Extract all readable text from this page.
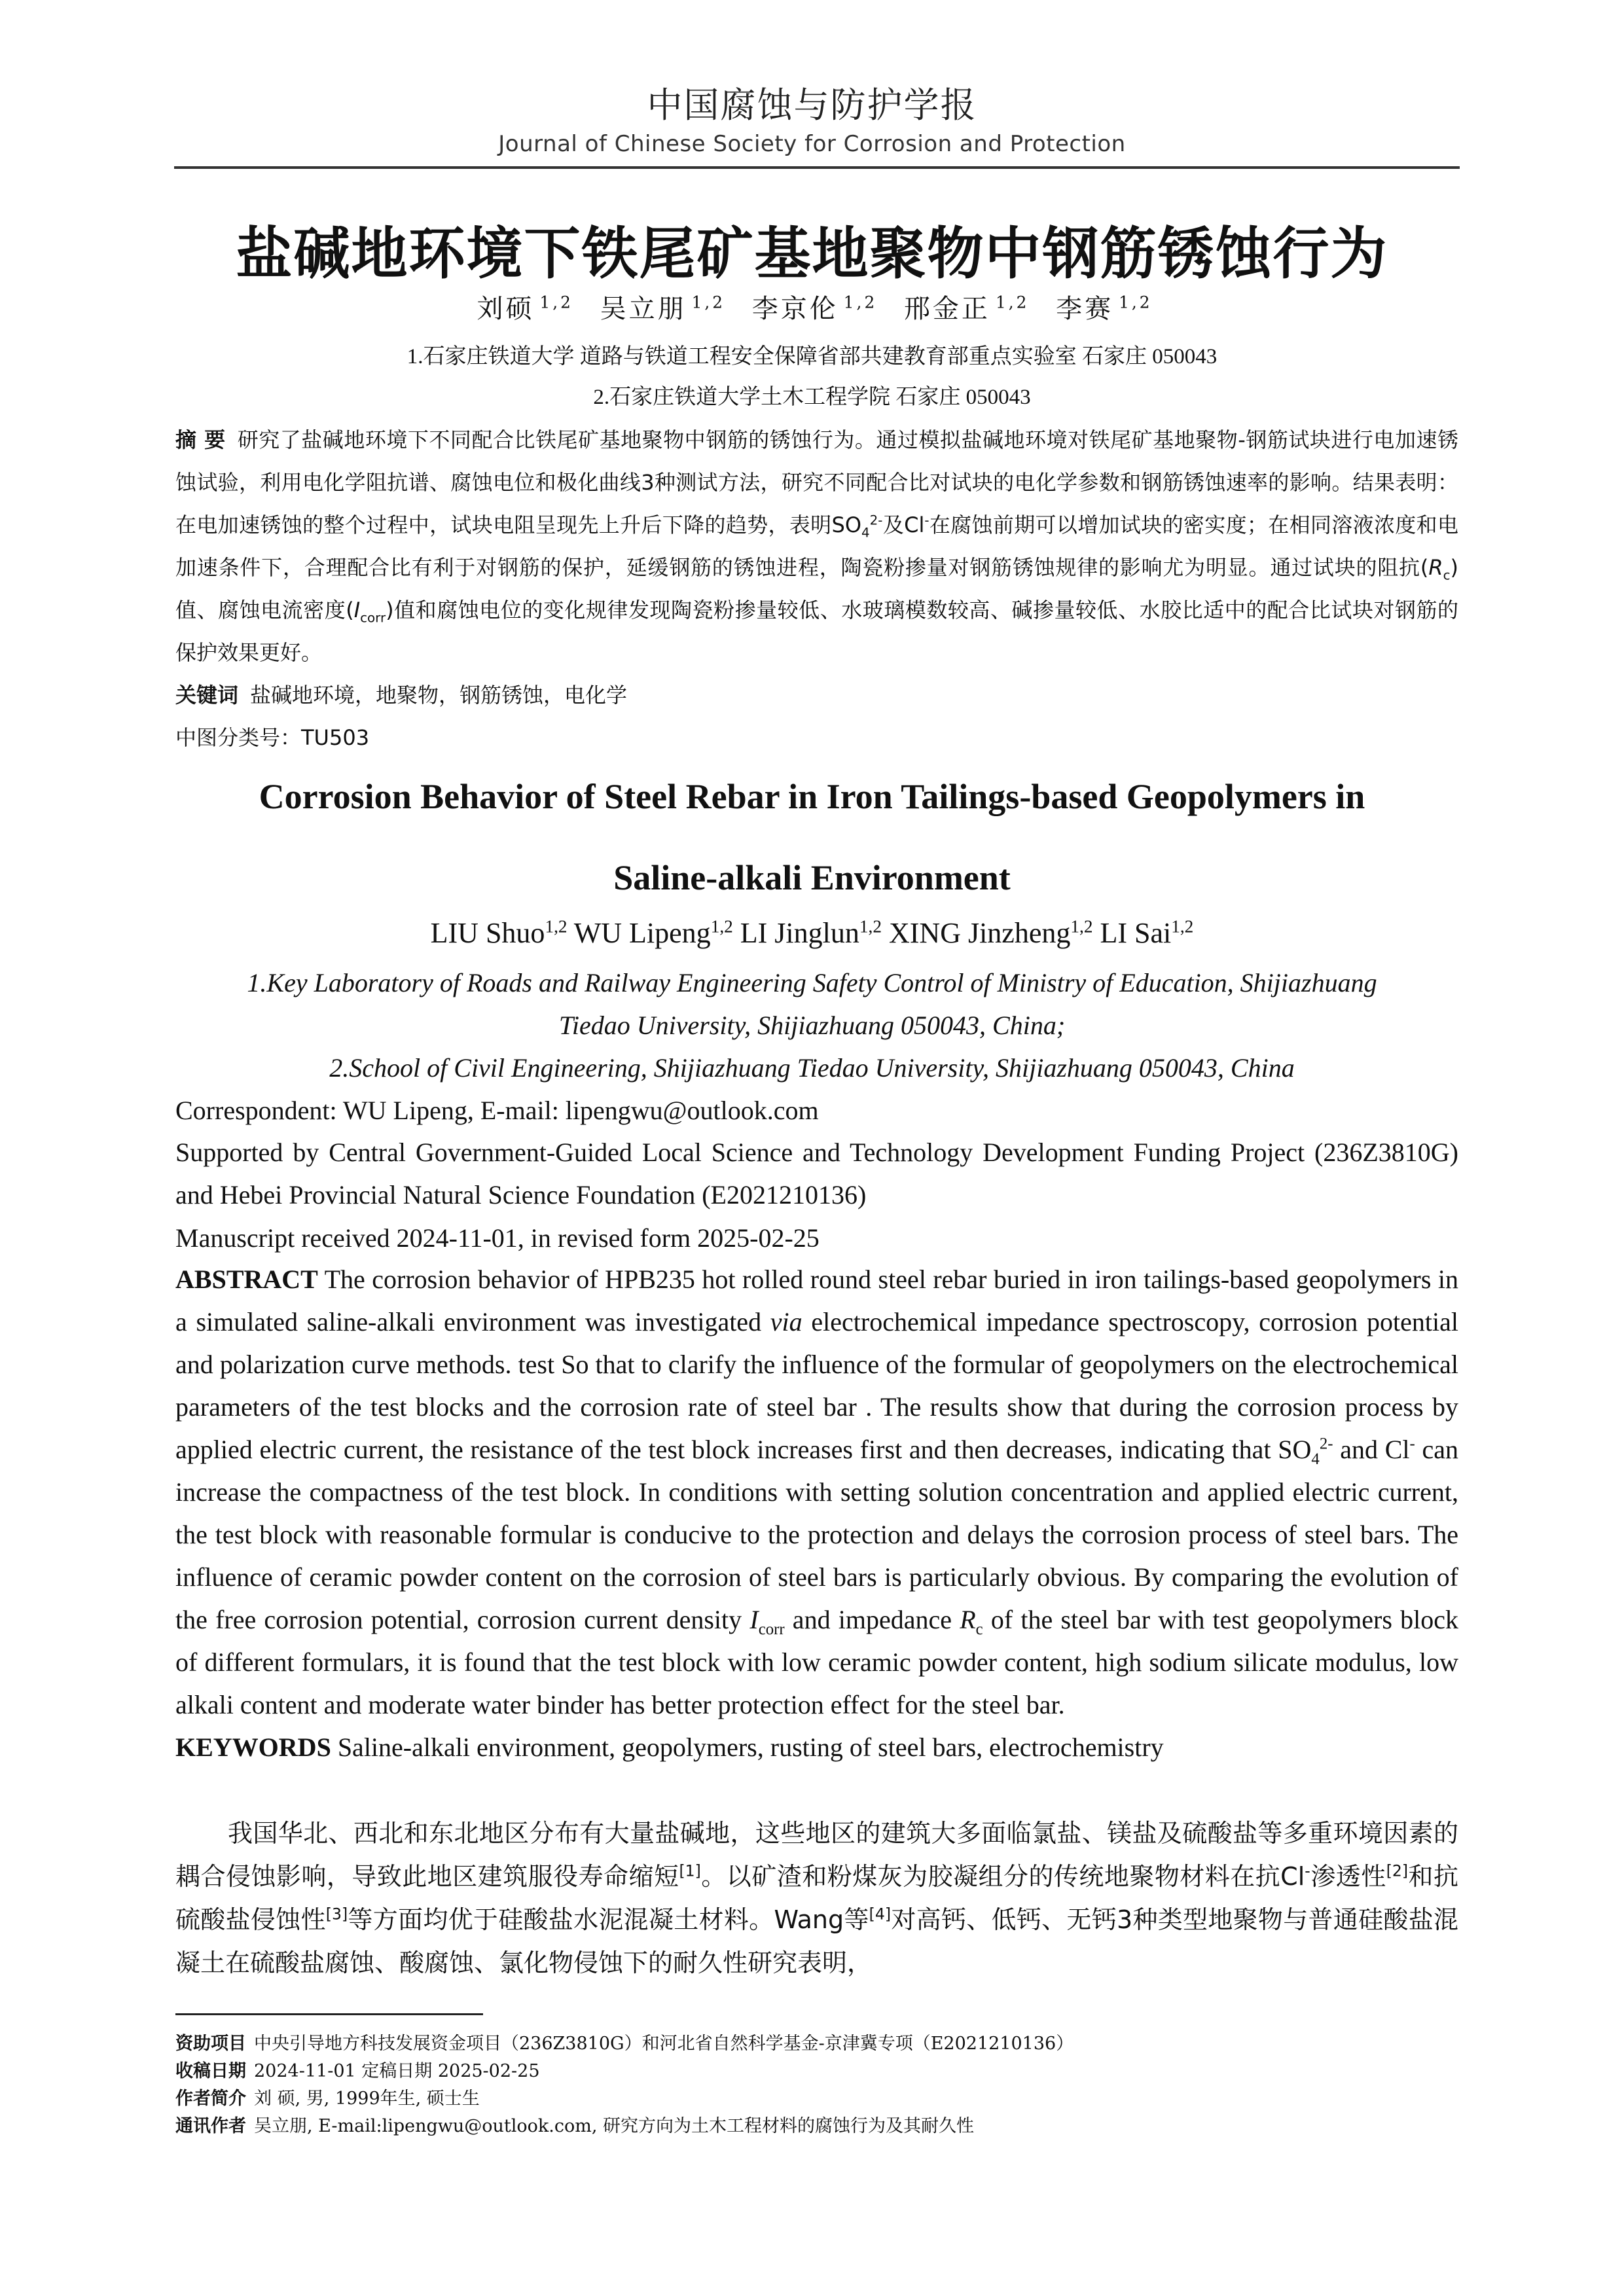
中国腐蚀与防护学报
Journal of Chinese Society for Corrosion and Protection
盐碱地环境下铁尾矿基地聚物中钢筋锈蚀行为
刘硕 $^{1,2}$ 吴立朋 $^{1,2}$ 李京伦 $^{1,2}$ 邢金正 $^{1,2}$ 李赛 $^{1,2}$
1.石家庄铁道大学 道路与铁道工程安全保障省部共建教育部重点实验室 石家庄 050043
2.石家庄铁道大学土木工程学院 石家庄 050043

摘 要 研究了盐碱地环境下不同配合比铁尾矿基地聚物中钢筋的锈蚀行为。通过模拟盐碱地环境对铁尾矿基地聚物-钢筋试块进行电加速锈蚀试验，利用电化学阻抗谱、腐蚀电位和极化曲线3种测试方法，研究不同配合比对试块的电化学参数和钢筋锈蚀速率的影响。结果表明：在电加速锈蚀的整个过程中，试块电阻呈现先上升后下降的趋势，表明$SO_4^{2-}$及Cl-在腐蚀前期可以增加试块的密实度；在相同溶液浓度和电加速条件下，合理配合比有利于对钢筋的保护，延缓钢筋的锈蚀进程，陶瓷粉掺量对钢筋锈蚀规律的影响尤为明显。通过试块的阻抗$(R_c)$值、腐蚀电流密度$(I_{corr})$值和腐蚀电位的变化规律发现陶瓷粉掺量较低、水玻璃模数较高、碱掺量较低、水胶比适中的配合比试块对钢筋的保护效果更好。

关键词 盐碱地环境，地聚物，钢筋锈蚀，电化学

中图分类号：TU503

Corrosion Behavior of Steel Rebar in Iron Tailings-based Geopolymers in
Saline-alkali Environment
LIU Shuo$^{1,2}$ WU Lipeng$^{1,2}$ LI Jinglun$^{1,2}$ XING Jinzheng$^{1,2}$ LI Sai$^{1,2}$
1.Key Laboratory of Roads and Railway Engineering Safety Control of Ministry of Education, Shijiazhuang
Tiedao University, Shijiazhuang 050043, China;
2.School of Civil Engineering, Shijiazhuang Tiedao University, Shijiazhuang 050043, China
Correspondent: WU Lipeng, E-mail: lipengwu@outlook.com

Supported by Central Government-Guided Local Science and Technology Development Funding Project (236Z3810G) and Hebei Provincial Natural Science Foundation (E2021210136)

Manuscript received 2024-11-01, in revised form 2025-02-25

ABSTRACT The corrosion behavior of HPB235 hot rolled round steel rebar buried in iron tailings-based geopolymers in a simulated saline-alkali environment was investigated via electrochemical impedance spectroscopy, corrosion potential and polarization curve methods. test So that to clarify the influence of the formular of geopolymers on the electrochemical parameters of the test blocks and the corrosion rate of steel bar . The results show that during the corrosion process by applied electric current, the resistance of the test block increases first and then decreases, indicating that $SO_4^{2-}$ and Cl- can increase the compactness of the test block. In conditions with setting solution concentration and applied electric current, the test block with reasonable formular is conducive to the protection and delays the corrosion process of steel bars. The influence of ceramic powder content on the corrosion of steel bars is particularly obvious. By comparing the evolution of the free corrosion potential, corrosion current density $I_{corr}$ and impedance $R_c$ of the steel bar with test geopolymers block of different formulars, it is found that the test block with low ceramic powder content, high sodium silicate modulus, low alkali content and moderate water binder has better protection effect for the steel bar.

KEYWORDS Saline-alkali environment, geopolymers, rusting of steel bars, electrochemistry

我国华北、西北和东北地区分布有大量盐碱地，这些地区的建筑大多面临氯盐、镁盐及硫酸盐等多重环境因素的耦合侵蚀影响，导致此地区建筑服役寿命缩短[1]。以矿渣和粉煤灰为胶凝组分的传统地聚物材料在抗Cl-渗透性[2]和抗硫酸盐侵蚀性[3]等方面均优于硅酸盐水泥混凝土材料。Wang等[4]对高钙、低钙、无钙3种类型地聚物与普通硅酸盐混凝土在硫酸盐腐蚀、酸腐蚀、氯化物侵蚀下的耐久性研究表明，

资助项目 中央引导地方科技发展资金项目（236Z3810G）和河北省自然科学基金-京津冀专项（E2021210136）
收稿日期 2024-11-01 定稿日期 2025-02-25
作者简介 刘 硕, 男, 1999年生, 硕士生
通讯作者 吴立朋, E-mail:lipengwu@outlook.com, 研究方向为土木工程材料的腐蚀行为及其耐久性
